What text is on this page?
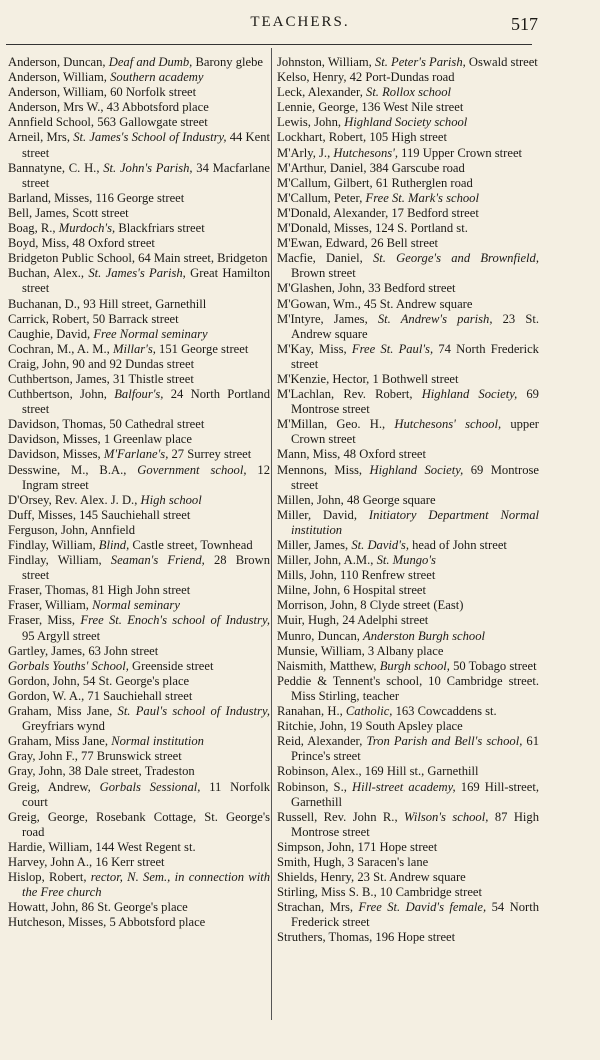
TEACHERS.	517

Anderson, Duncan, Deaf and Dumb, Barony glebe

Anderson, William, Southern academy

Anderson, William, 60 Norfolk street

Anderson, Mrs W., 43 Abbotsford place

Annfield School, 563 Gallowgate street

Arneil, Mrs, St. James's School of Industry, 44 Kent street

Bannatyne, C. H., St. John's Parish, 34 Macfarlane street

Barland, Misses, 116 George street

Bell, James, Scott street

Boag, R., Murdoch's, Blackfriars street

Boyd, Miss, 48 Oxford street

Bridgeton Public School, 64 Main street, Bridgeton

Buchan, Alex., St. James's Parish, Great Hamilton street

Buchanan, D., 93 Hill street, Garnethill

Carrick, Robert, 50 Barrack street

Caughie, David, Free Normal seminary

Cochran, M., A. M., Millar's, 151 George street

Craig, John, 90 and 92 Dundas street

Cuthbertson, James, 31 Thistle street

Cuthbertson, John, Balfour's, 24 North Portland street

Davidson, Thomas, 50 Cathedral street

Davidson, Misses, 1 Greenlaw place

Davidson, Misses, M'Farlane's, 27 Surrey street

Desswine, M., B.A., Government school, 12 Ingram street

D'Orsey, Rev. Alex. J. D., High school

Duff, Misses, 145 Sauchiehall street

Ferguson, John, Annfield

Findlay, William, Blind, Castle street, Townhead

Findlay, William, Seaman's Friend, 28 Brown street

Fraser, Thomas, 81 High John street

Fraser, William, Normal seminary

Fraser, Miss, Free St. Enoch's school of Industry, 95 Argyll street

Gartley, James, 63 John street

Gorbals Youths' School, Greenside street

Gordon, John, 54 St. George's place

Gordon, W. A., 71 Sauchiehall street

Graham, Miss Jane, St. Paul's school of Industry, Greyfriars wynd

Graham, Miss Jane, Normal institution

Gray, John F., 77 Brunswick street

Gray, John, 38 Dale street, Tradeston

Greig, Andrew, Gorbals Sessional, 11 Norfolk court

Greig, George, Rosebank Cottage, St. George's road

Hardie, William, 144 West Regent st.

Harvey, John A., 16 Kerr street

Hislop, Robert, rector, N. Sem., in connection with the Free church

Howatt, John, 86 St. George's place

Hutcheson, Misses, 5 Abbotsford place

Johnston, William, St. Peter's Parish, Oswald street

Kelso, Henry, 42 Port-Dundas road

Leck, Alexander, St. Rollox school

Lennie, George, 136 West Nile street

Lewis, John, Highland Society school

Lockhart, Robert, 105 High street

M'Arly, J., Hutchesons', 119 Upper Crown street

M'Arthur, Daniel, 384 Garscube road

M'Callum, Gilbert, 61 Rutherglen road

M'Callum, Peter, Free St. Mark's school

M'Donald, Alexander, 17 Bedford street

M'Donald, Misses, 124 S. Portland st.

M'Ewan, Edward, 26 Bell street

Macfie, Daniel, St. George's and Brownfield, Brown street

M'Glashen, John, 33 Bedford street

M'Gowan, Wm., 45 St. Andrew square

M'Intyre, James, St. Andrew's parish, 23 St. Andrew square

M'Kay, Miss, Free St. Paul's, 74 North Frederick street

M'Kenzie, Hector, 1 Bothwell street

M'Lachlan, Rev. Robert, Highland Society, 69 Montrose street

M'Millan, Geo. H., Hutchesons' school, upper Crown street

Mann, Miss, 48 Oxford street

Mennons, Miss, Highland Society, 69 Montrose street

Millen, John, 48 George square

Miller, David, Initiatory Department Normal institution

Miller, James, St. David's, head of John street

Miller, John, A.M., St. Mungo's

Mills, John, 110 Renfrew street

Milne, John, 6 Hospital street

Morrison, John, 8 Clyde street (East)

Muir, Hugh, 24 Adelphi street

Munro, Duncan, Anderston Burgh school

Munsie, William, 3 Albany place

Naismith, Matthew, Burgh school, 50 Tobago street

Peddie & Tennent's school, 10 Cambridge street. Miss Stirling, teacher

Ranahan, H., Catholic, 163 Cowcaddens st.

Ritchie, John, 19 South Apsley place

Reid, Alexander, Tron Parish and Bell's school, 61 Prince's street

Robinson, Alex., 169 Hill st., Garnethill

Robinson, S., Hill-street academy, 169 Hill-street, Garnethill

Russell, Rev. John R., Wilson's school, 87 High Montrose street

Simpson, John, 171 Hope street

Smith, Hugh, 3 Saracen's lane

Shields, Henry, 23 St. Andrew square

Stirling, Miss S. B., 10 Cambridge street

Strachan, Mrs, Free St. David's female, 54 North Frederick street

Struthers, Thomas, 196 Hope street
